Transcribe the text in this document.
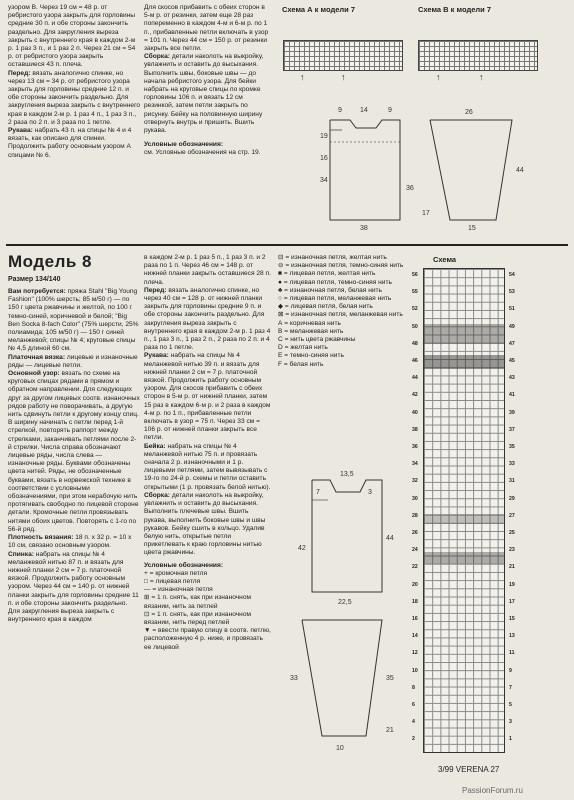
узором В. Через 19 см = 48 р. от ребристого узора закрыть для горловины средние 30 п. и обе стороны закончить раздельно. Для закругления выреза закрыть с внутреннего края в каждом 2-м р. 1 раз 3 п., и 1 раз 2 п. Через 21 см = 54 р. от ребристого узора закрыть оставшиеся 43 п. плеча.

Перед: вязать аналогично спинке, но через 13 см = 34 р. от ребристого узора закрыть для горловины средние 12 п. и обе стороны закончить раздельно. Для закругления выреза закрыть с внутреннего края в каждом 2-м р. 1 раз 4 п., 1 раз 3 п., 2 раза по 2 п. и 3 раза по 1 петле.

Рукава: набрать 43 п. на спицы № 4 и 4 вязать, как описано для спинки. Продолжить работу основным узором А спицами № 6.

Для скосов прибавить с обеих сторон в 5-м р. от резинки, затем еще 28 раз попеременно в каждом 4-м и 6-м р. по 1 п., прибавленные петли включать в узор = 101 п. Через 44 см = 150 р. от резинки закрыть все петли.

Сборка: детали наколоть на выкройку, увлажнить и оставить до высыхания. Выполнить швы, боковые швы — до начала ребристого узора. Для бейки набрать на круговые спицы по кромке горловины 106 п. и вязать 12 см резинкой, затем петли закрыть по рисунку. Бейку на половинную ширину отвернуть внутрь и пришить. Вшить рукава.

Условные обозначения:

см. Условные обозначения на стр. 19.

Схема А к модели 7	Схема В к модели 7
↑	↑	↑	↑
9	14	9
19
16
34
36
26
44
38	15
17
Модель 8
Размер 134/140

Вам потребуется: пряжа Stahl "Big Young Fashion" (100% шерсть; 85 м/50 г) — по 150 г цвета ржавчины и желтой, по 100 г темно-синей, коричневой и белой; "Big Ben Socka 8-fach Color" (75% шерсти, 25% полиамида; 105 м/50 г) — 150 г синей меланжевой; спицы № 4; круговые спицы № 4,5 длиной 60 см.

Платочная вязка: лицевые и изнаночные ряды — лицевые петли.

Основной узор: вязать по схеме на круговых спицах рядами в прямом и обратном направлении. Для следующих друг за другом лицевых соотв. изнаночных рядов работу не поворачивать, а другую нить сдвинуть петли к другому концу спиц. В ширину начинать с петли перед 1-й стрелкой, повторять раппорт между стрелками, заканчивать петлями после 2-й стрелки. Числа справа обозначают лицевые ряды, числа слева — изнаночные ряды. Буквами обозначены цвета нитей. Ряды, не обозначенные буквами, вязать в норвежской технике в соответствии с условными обозначениями, при этом нерабочую нить протягивать свободно по лицевой стороне детали. Кромочные петли провязывать нитями обоих цветов. Повторять с 1-го по 56-й ряд.

Плотность вязания: 18 п. х 32 р. = 10 х 10 см, связано основным узором.

Спинка: набрать на спицы № 4 меланжевой нитью 87 п. и вязать для нижней планки 2 см = 7 р. платочной вязкой. Продолжить работу основным узором. Через 44 см = 140 р. от нижней планки закрыть для горловины средние 11 п. и обе стороны закончить раздельно. Для закругления выреза закрыть с внутреннего края в каждом

в каждом 2-м р. 1 раз 5 п., 1 раз 3 п. и 2 раза по 1 п. Через 46 см = 148 р. от нижней планки закрыть оставшиеся 28 п. плеча.

Перед: вязать аналогично спинке, но через 40 см = 128 р. от нижней планки закрыть для горловины средние 9 п. и обе стороны закончить раздельно. Для закругления выреза закрыть с внутреннего края в каждом 2-м р. 1 раз 4 п., 1 раз 3 п., 1 раз 2 п., 2 раза по 2 п. и 4 раза по 1 петле.

Рукава: набрать на спицы № 4 меланжевой нитью 39 п. и вязать для нижней планки 2 см = 7 р. платочной вязкой. Продолжить работу основным узором. Для скосов прибавить с обеих сторон в 5-м р. от нижней планки, затем 15 раз в каждом 6-м р. и 2 раза в каждом 4-м р. по 1 п., прибавленные петли включать в узор = 75 п. Через 33 см = 106 р. от нижней планки закрыть все петли.

Бейка: набрать на спицы № 4 меланжевой нитью 75 п. и провязать сначала 2 р. изнаночными и 1 р. лицевыми петлями, затем вывязывать с 19-го по 24-й р. схемы и петли оставить открытыми (1 р. провязать белой нитью).

Сборка: детали наколоть на выкройку, увлажнить и оставить до высыхания. Выполнить плечевые швы. Вшить рукава, выполнить боковые швы и швы рукавов. Бейку сшить в кольцо. Удалив белую нить, открытые петли прикетлевать к краю горловины нитью цвета ржавчины.

Условные обозначения:

+ = кромочная петля

□ = лицевая петля

— = изнаночная петля

⊞ = 1 п. снять, как при изнаночном вязании, нить за петлей

⊡ = 1 п. снять, как при изнаночном вязании, нить перед петлей

▼ = ввести правую спицу в соотв. петлю, расположенную 4 р. ниже, и провязать ее лицевой

⊟ = изнаночная петля, желтая нить

⊖ = изнаночная петля, темно-синяя нить

■ = лицевая петля, желтая нить

● = лицевая петля, темно-синяя нить

♣ = изнаночная петля, белая нить

○ = лицевая петля, меланжевая нить

◆ = лицевая петля, белая нить

⊠ = изнаночная петля, меланжевая нить

А = коричневая нить

В = меланжевая нить

С = нить цвета ржавчины

D = желтая нить

Е = темно-синяя нить

F = белая нить

13,5
7	3
42
44
22,5
33	35
10
21
Схема
3/99 VERENA 27
PassionForum.ru
56
55
52
50
48
46
44
42
40
38
36
34
32
30
28
26
24
22
20
18
16
14
12
10
8
6
4
2
54
53
51
49
47
45
43
41
39
37
35
33
31
29
27
25
23
21
19
17
15
13
11
9
7
5
3
1
